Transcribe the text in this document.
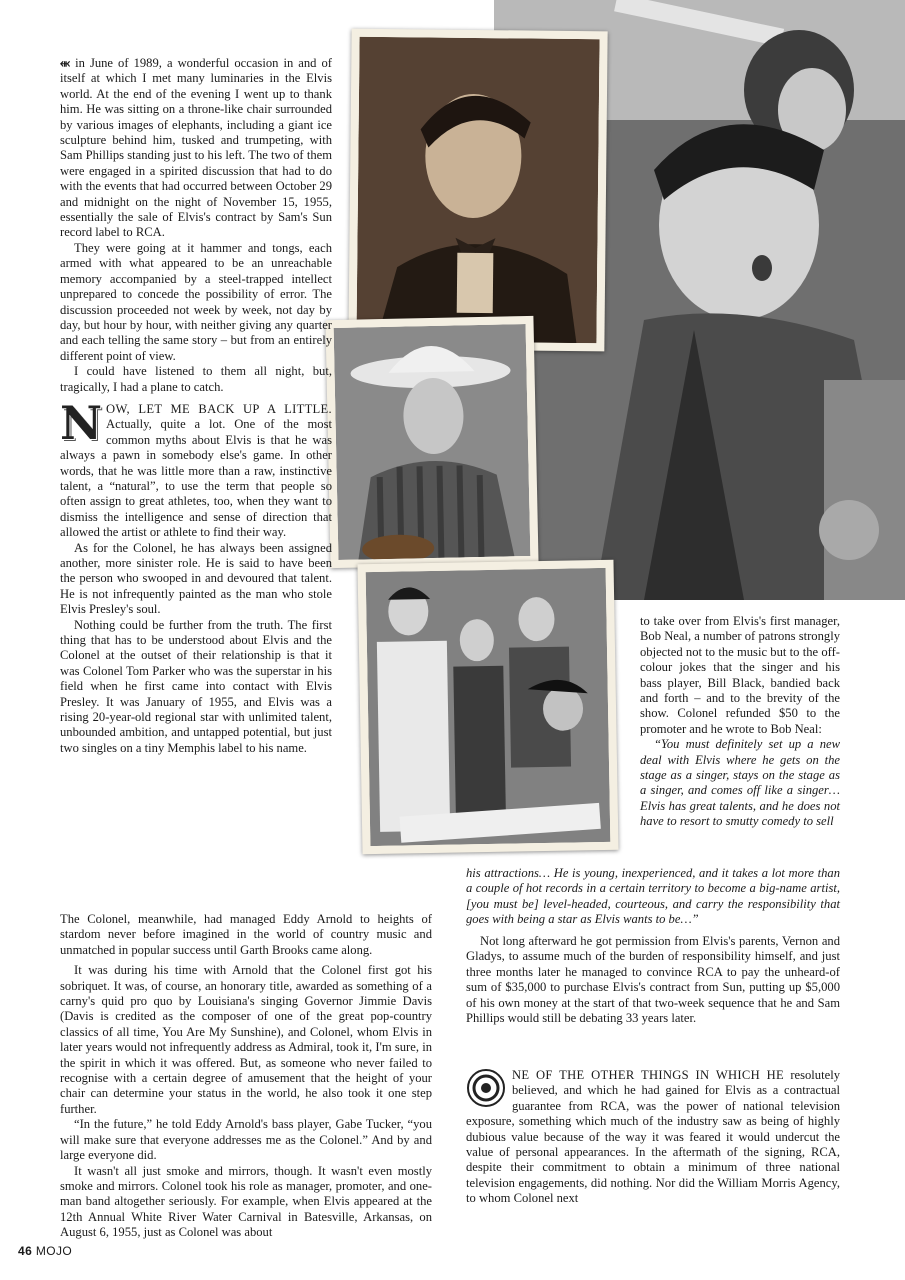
⬺ in June of 1989, a wonderful occasion in and of itself at which I met many luminaries in the Elvis world. At the end of the evening I went up to thank him. He was sitting on a throne-like chair surrounded by various images of elephants, including a giant ice sculpture behind him, tusked and trumpeting, with Sam Phillips standing just to his left. The two of them were engaged in a spirited discussion that had to do with the events that had occurred between October 29 and midnight on the night of November 15, 1955, essentially the sale of Elvis's contract by Sam's Sun record label to RCA.

They were going at it hammer and tongs, each armed with what appeared to be an unreachable memory accompanied by a steel-trapped intellect unprepared to concede the possibility of error. The discussion proceeded not week by week, not day by day, but hour by hour, with neither giving any quarter and each telling the same story – but from an entirely different point of view.

I could have listened to them all night, but, tragically, I had a plane to catch.

NOW, LET ME BACK UP A LITTLE. Actually, quite a lot. One of the most common myths about Elvis is that he was always a pawn in somebody else's game. In other words, that he was little more than a raw, instinctive talent, a “natural”, to use the term that people so often assign to great athletes, too, when they want to dismiss the intelligence and sense of direction that allowed the artist or athlete to find their way.

As for the Colonel, he has always been assigned another, more sinister role. He is said to have been the person who swooped in and devoured that talent. He is not infrequently painted as the man who stole Elvis Presley's soul.

Nothing could be further from the truth. The first thing that has to be understood about Elvis and the Colonel at the outset of their relationship is that it was Colonel Tom Parker who was the superstar in his field when he first came into contact with Elvis Presley. It was January of 1955, and Elvis was a rising 20-year-old regional star with unlimited talent, unbounded ambition, and untapped potential, but just two singles on a tiny Memphis label to his name.

to take over from Elvis's first manager, Bob Neal, a number of patrons strongly objected not to the music but to the off-colour jokes that the singer and his bass player, Bill Black, bandied back and forth – and to the brevity of the show. Colonel refunded $50 to the promoter and he wrote to Bob Neal:

“You must definitely set up a new deal with Elvis where he gets on the stage as a singer, stays on the stage as a singer, and comes off like a singer… Elvis has great talents, and he does not have to resort to smutty comedy to sell

his attractions… He is young, inexperienced, and it takes a lot more than a couple of hot records in a certain territory to become a big-name artist, [you must be] level-headed, courteous, and carry the responsibility that goes with being a star as Elvis wants to be…”

The Colonel, meanwhile, had managed Eddy Arnold to heights of stardom never before imagined in the world of country music and unmatched in popular success until Garth Brooks came along.

It was during his time with Arnold that the Colonel first got his sobriquet. It was, of course, an honorary title, awarded as something of a carny's quid pro quo by Louisiana's singing Governor Jimmie Davis (Davis is credited as the composer of one of the great pop-country classics of all time, You Are My Sunshine), and Colonel, whom Elvis in later years would not infrequently address as Admiral, took it, I'm sure, in the spirit in which it was offered. But, as someone who never failed to recognise with a certain degree of amusement that the height of your chair can determine your status in the world, he also took it one step further.

“In the future,” he told Eddy Arnold's bass player, Gabe Tucker, “you will make sure that everyone addresses me as the Colonel.” And by and large everyone did.

It wasn't all just smoke and mirrors, though. It wasn't even mostly smoke and mirrors. Colonel took his role as manager, promoter, and one-man band altogether seriously. For example, when Elvis appeared at the 12th Annual White River Water Carnival in Batesville, Arkansas, on August 6, 1955, just as Colonel was about

Not long afterward he got permission from Elvis's parents, Vernon and Gladys, to assume much of the burden of responsibility himself, and just three months later he managed to convince RCA to pay the unheard-of sum of $35,000 to purchase Elvis's contract from Sun, putting up $5,000 of his own money at the start of that two-week sequence that he and Sam Phillips would still be debating 33 years later.

NE OF THE OTHER THINGS IN WHICH HE resolutely believed, and which he had gained for Elvis as a contractual guarantee from RCA, was the power of national television exposure, something which much of the industry saw as being of highly dubious value because of the way it was feared it would undercut the value of personal appearances. In the aftermath of the signing, RCA, despite their commitment to obtain a minimum of three national television engagements, did nothing. Nor did the William Morris Agency, to whom Colonel next

46 MOJO
